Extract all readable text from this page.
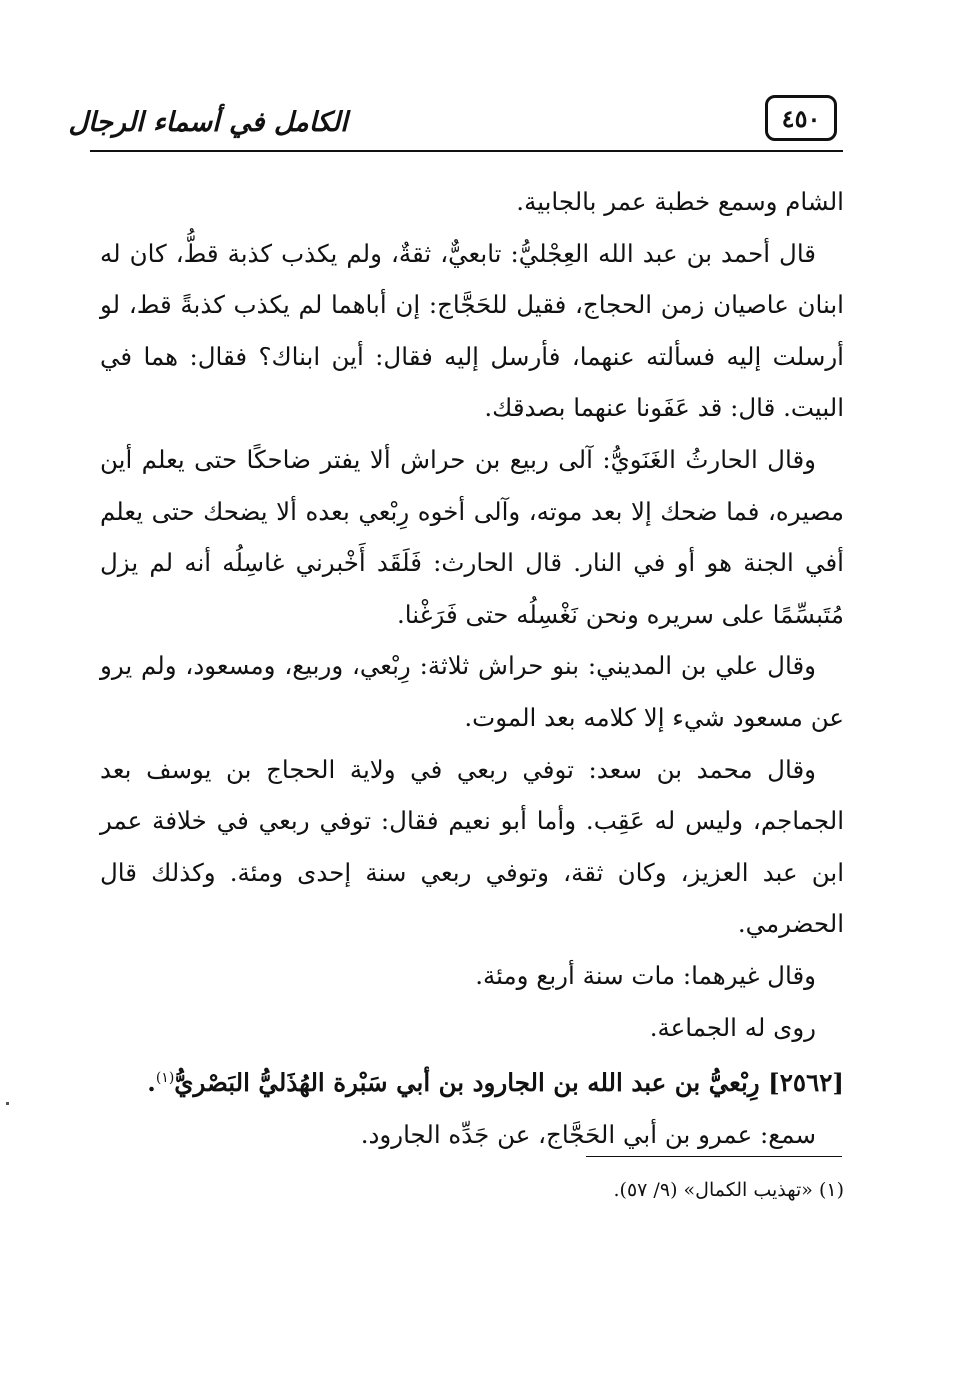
٤٥٠
الكامل في أسماء الرجال

الشام وسمع خطبة عمر بالجابية.

قال أحمد بن عبد الله العِجْليُّ: تابعيٌّ، ثقةٌ، ولم يكذب كذبة قطُّ، كان له ابنان عاصيان زمن الحجاج، فقيل للحَجَّاج: إن أباهما لم يكذب كذبةً قط، لو أرسلت إليه فسألته عنهما، فأرسل إليه فقال: أين ابناك؟ فقال: هما في البيت. قال: قد عَفَونا عنهما بصدقك.

وقال الحارثُ الغَنَويُّ: آلى ربيع بن حراش ألا يفتر ضاحكًا حتى يعلم أين مصيره، فما ضحك إلا بعد موته، وآلى أخوه رِبْعي بعده ألا يضحك حتى يعلم أفي الجنة هو أو في النار. قال الحارث: فَلَقَد أَخْبرني غاسِلُه أنه لم يزل مُتَبسِّمًا على سريره ونحن نَغْسِلُه حتى فَرَغْنا.

وقال علي بن المديني: بنو حراش ثلاثة: رِبْعي، وربيع، ومسعود، ولم يرو عن مسعود شيء إلا كلامه بعد الموت.

وقال محمد بن سعد: توفي ربعي في ولاية الحجاج بن يوسف بعد الجماجم، وليس له عَقِب. وأما أبو نعيم فقال: توفي ربعي في خلافة عمر ابن عبد العزيز، وكان ثقة، وتوفي ربعي سنة إحدى ومئة. وكذلك قال الحضرمي.

وقال غيرهما: مات سنة أربع ومئة.

روى له الجماعة.

[٢٥٦٢] رِبْعيُّ بن عبد الله بن الجارود بن أبي سَبْرة الهُذَليُّ البَصْريُّ$^{(١)}$.

سمع: عمرو بن أبي الحَجَّاج، عن جَدِّه الجارود.

(١) «تهذيب الكمال» (٩/ ٥٧).
